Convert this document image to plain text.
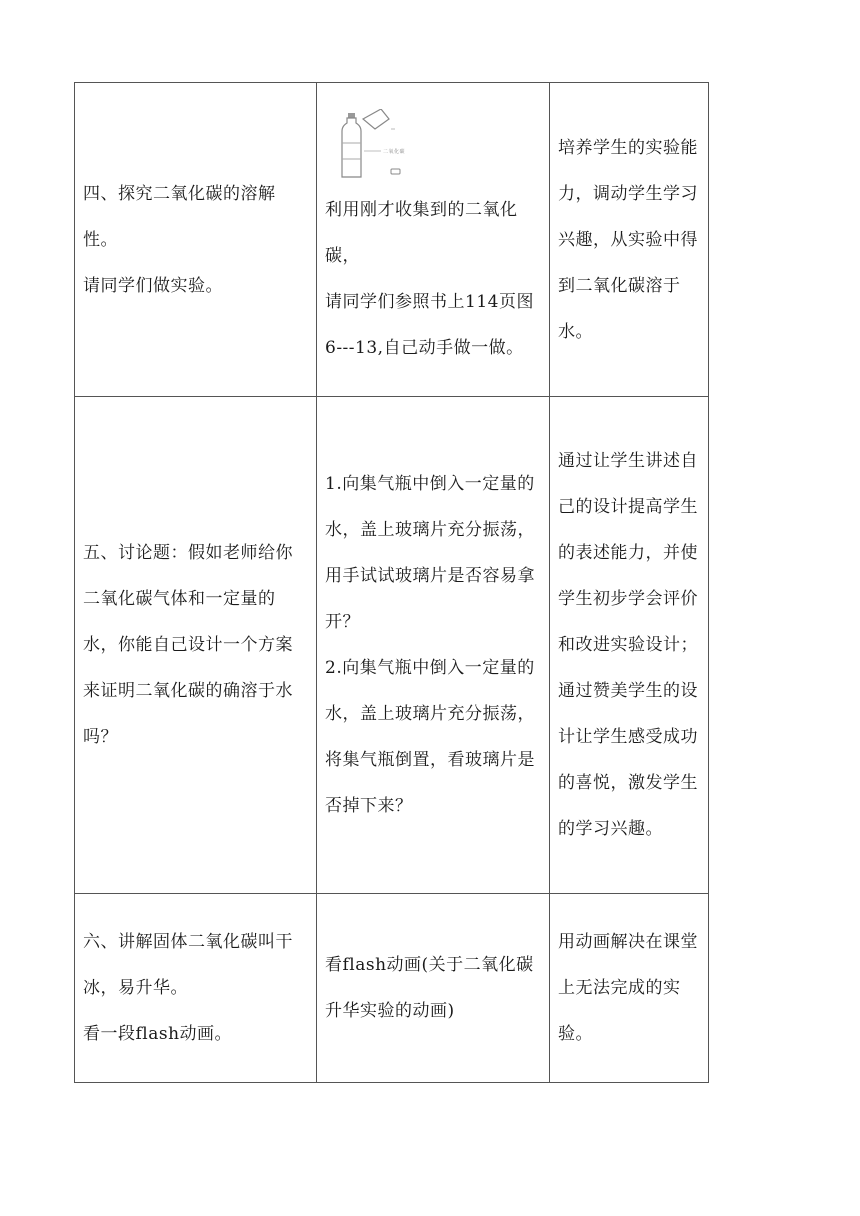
四、探究二氧化碳的溶解性。
请同学们做实验。	二氧化碳
利用刚才收集到的二氧化碳，
请同学们参照书上114页图6---13,自己动手做一做。	培养学生的实验能力，调动学生学习兴趣，从实验中得到二氧化碳溶于水。

五、讨论题：假如老师给你二氧化碳气体和一定量的水，你能自己设计一个方案来证明二氧化碳的确溶于水吗？	1.向集气瓶中倒入一定量的水，盖上玻璃片充分振荡，用手试试玻璃片是否容易拿开？
2.向集气瓶中倒入一定量的水，盖上玻璃片充分振荡，将集气瓶倒置，看玻璃片是否掉下来？	通过让学生讲述自己的设计提高学生的表述能力，并使学生初步学会评价和改进实验设计；通过赞美学生的设计让学生感受成功的喜悦，激发学生的学习兴趣。

六、讲解固体二氧化碳叫干冰，易升华。
看一段flash动画。	看flash动画(关于二氧化碳升华实验的动画)	用动画解决在课堂上无法完成的实验。
